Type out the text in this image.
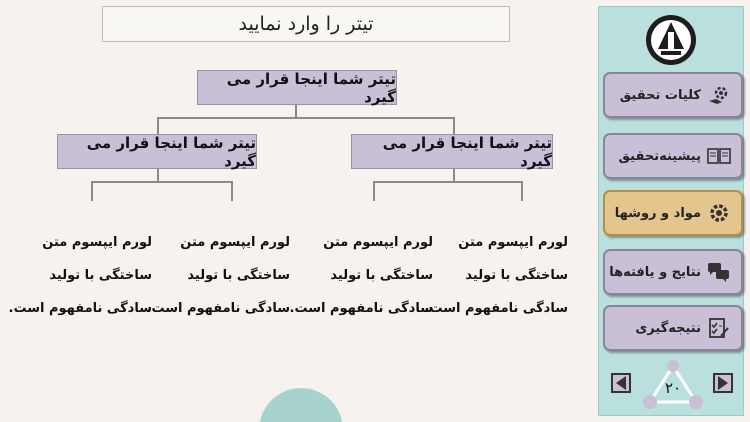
تیتر را وارد نمایید
تیتر شما اینجا قرار می گیرد
تیتر شما اینجا قرار می گیرد
تیتر شما اینجا قرار می گیرد
لورم ایپسوم متن
ساختگی با تولید
سادگی نامفهوم است.
لورم ایپسوم متن
ساختگی با تولید
سادگی نامفهوم است.
لورم ایپسوم متن
ساختگی با تولید
سادگی نامفهوم است.
لورم ایپسوم متن
ساختگی با تولید
سادگی نامفهوم است.
کلیات تحقیق
پیشینه‌تحقیق
مواد و روشها
نتایج و یافته‌ها
نتیجه‌گیری
۲۰
